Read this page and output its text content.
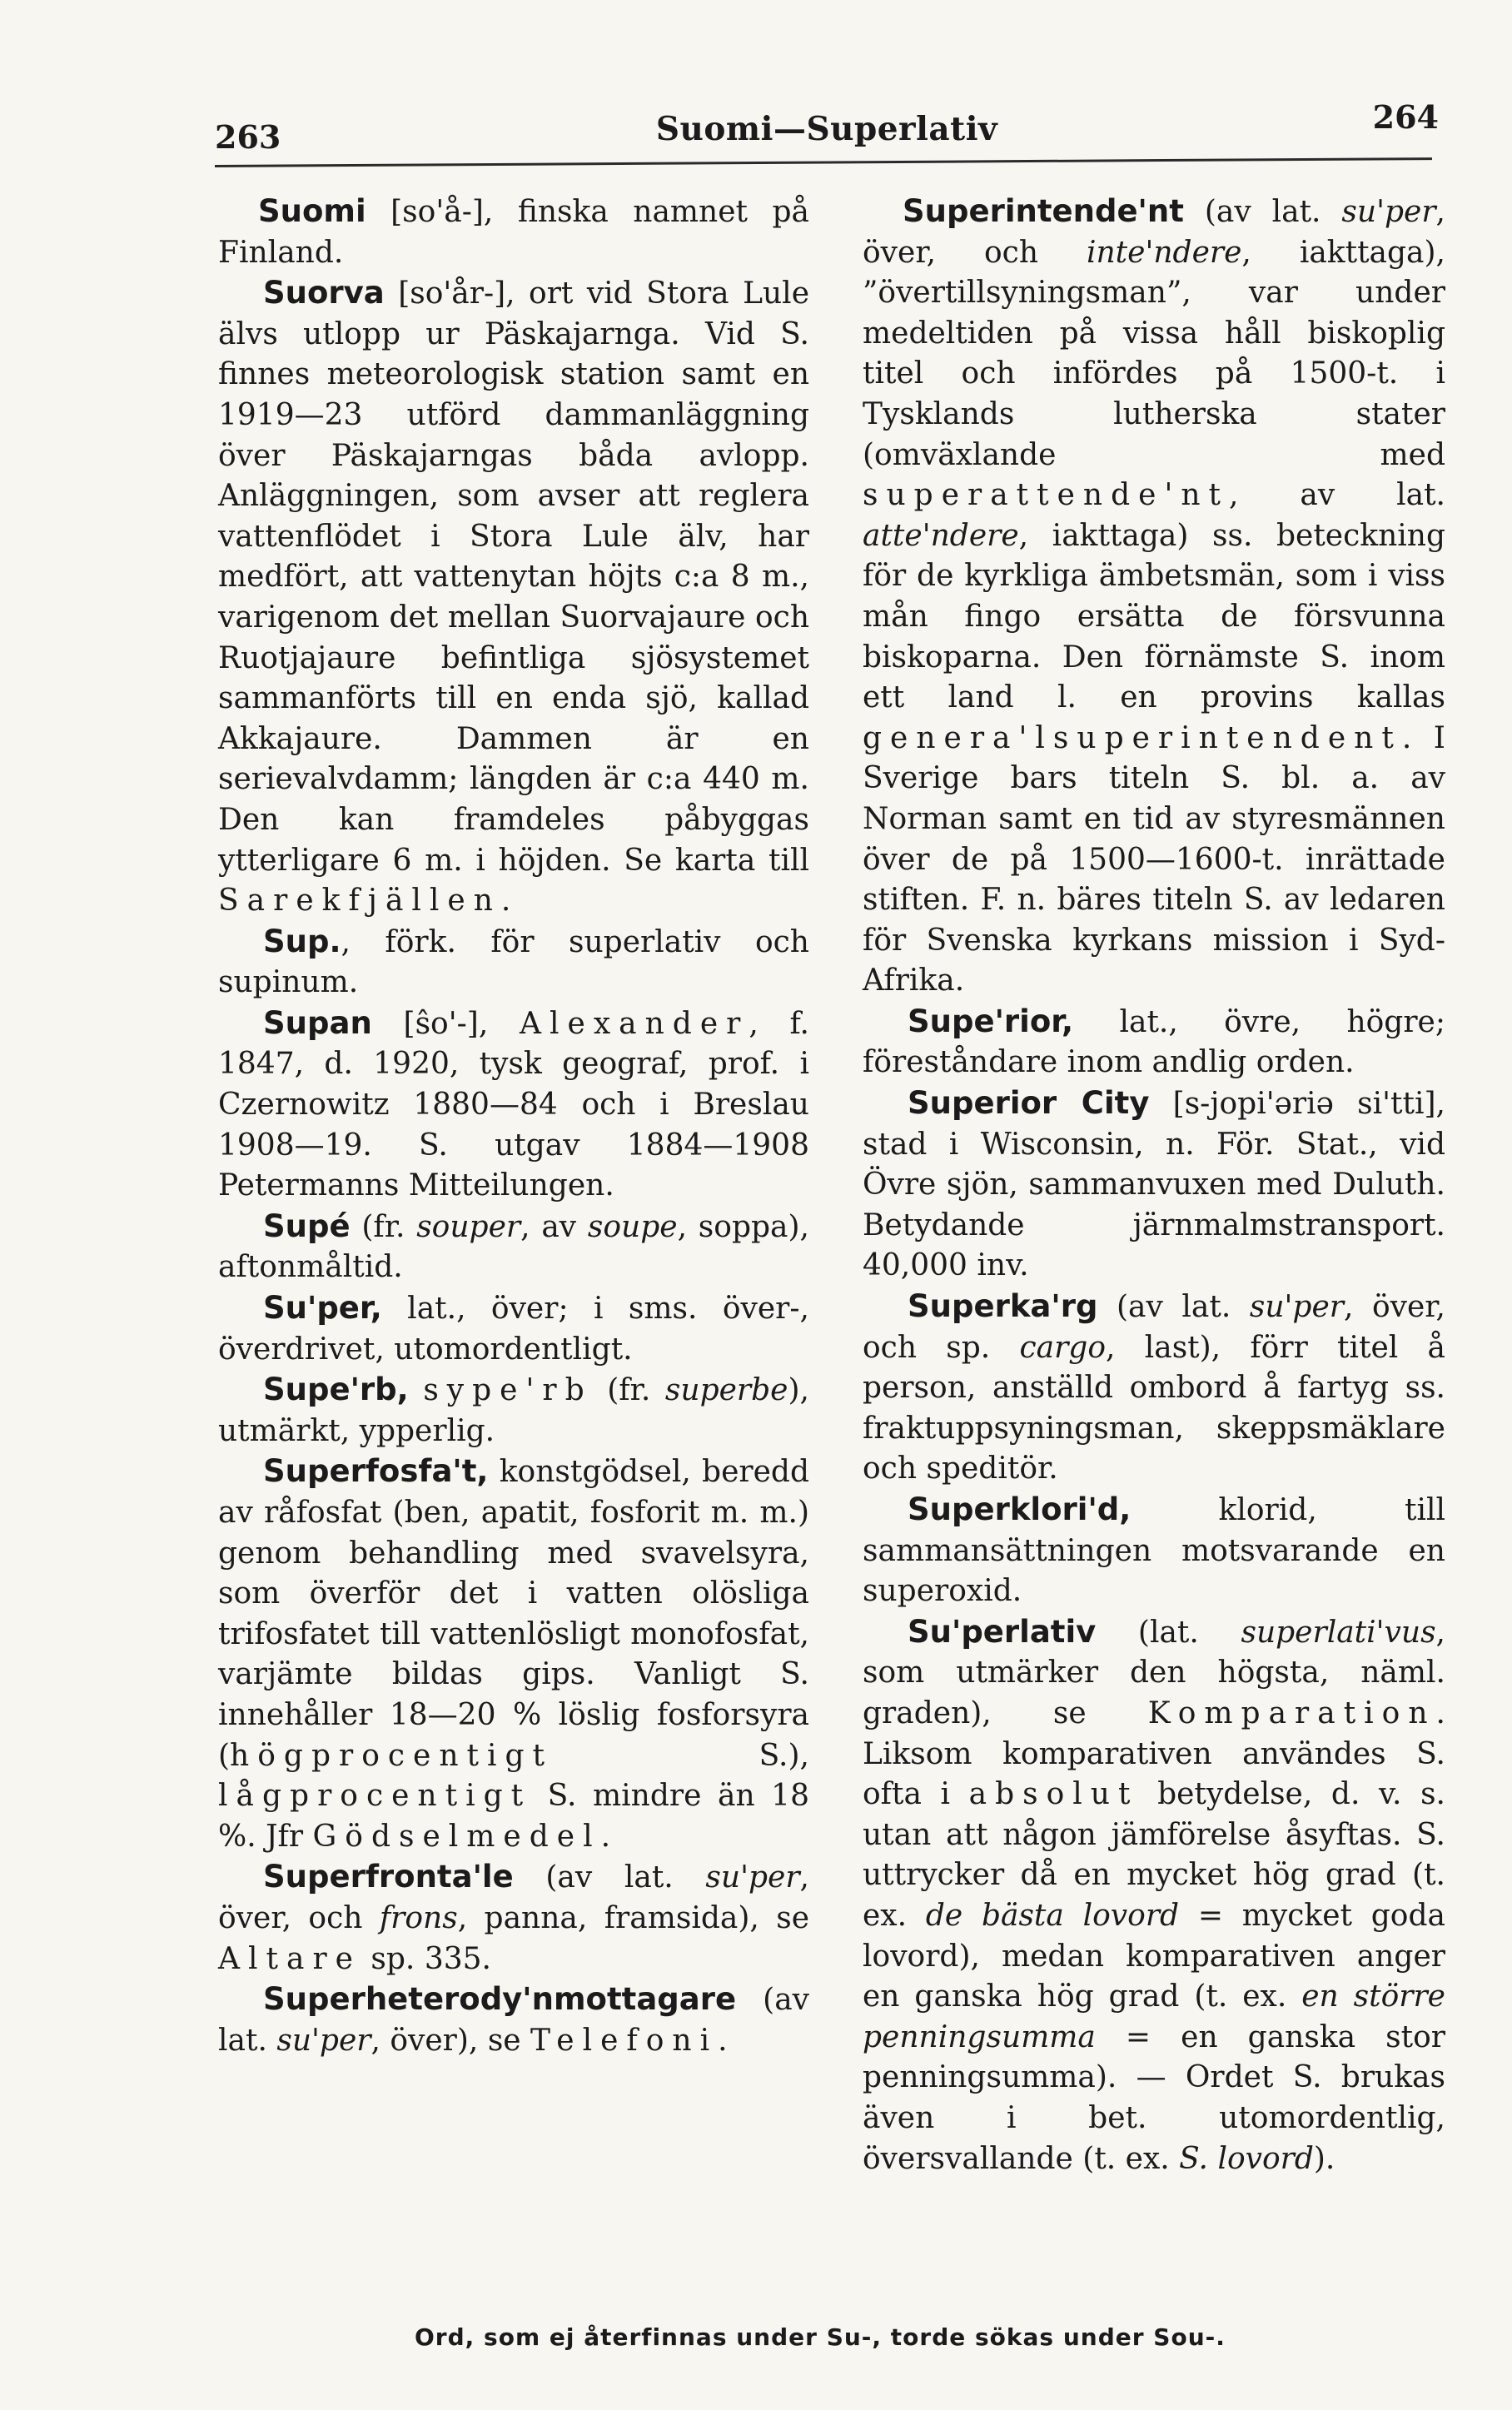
263	Suomi—Superlativ	264

Suomi [so'å-], finska namnet på Finland.

Suorva [so'år-], ort vid Stora Lule älvs utlopp ur Päskajarnga. Vid S. finnes meteorologisk station samt en 1919—23 utförd dammanläggning över Päskajarngas båda avlopp. Anläggningen, som avser att reglera vattenflödet i Stora Lule älv, har medfört, att vattenytan höjts c:a 8 m., varigenom det mellan Suorvajaure och Ruotjajaure befintliga sjösystemet sammanförts till en enda sjö, kallad Akkajaure. Dammen är en serievalvdamm; längden är c:a 440 m. Den kan framdeles påbyggas ytterligare 6 m. i höjden. Se karta till Sarekfjällen.

Sup., förk. för superlativ och supinum.

Supan [ŝo'-], Alexander, f. 1847, d. 1920, tysk geograf, prof. i Czernowitz 1880—84 och i Breslau 1908—19. S. utgav 1884—1908 Petermanns Mitteilungen.

Supé (fr. souper, av soupe, soppa), aftonmåltid.

Su'per, lat., över; i sms. över-, överdrivet, utomordentligt.

Supe'rb, sype'rb (fr. superbe), utmärkt, ypperlig.

Superfosfa't, konstgödsel, beredd av råfosfat (ben, apatit, fosforit m. m.) genom behandling med svavelsyra, som överför det i vatten olösliga trifosfatet till vattenlösligt monofosfat, varjämte bildas gips. Vanligt S. innehåller 18—20 % löslig fosforsyra (högprocentigt S.), lågprocentigt S. mindre än 18 %. Jfr Gödselmedel.

Superfronta'le (av lat. su'per, över, och frons, panna, framsida), se Altare sp. 335.

Superheterody'nmottagare (av lat. su'per, över), se Telefoni.

Superintende'nt (av lat. su'per, över, och inte'ndere, iakttaga), ”övertillsyningsman”, var under medeltiden på vissa håll biskoplig titel och infördes på 1500-t. i Tysklands lutherska stater (omväxlande med superattende'nt, av lat. atte'ndere, iakttaga) ss. beteckning för de kyrkliga ämbetsmän, som i viss mån fingo ersätta de försvunna biskoparna. Den förnämste S. inom ett land l. en provins kallas genera'lsuperintendent. I Sverige bars titeln S. bl. a. av Norman samt en tid av styresmännen över de på 1500—1600-t. inrättade stiften. F. n. bäres titeln S. av ledaren för Svenska kyrkans mission i Syd-Afrika.

Supe'rior, lat., övre, högre; föreståndare inom andlig orden.

Superior City [s-jopi'əriə si'tti], stad i Wisconsin, n. För. Stat., vid Övre sjön, sammanvuxen med Duluth. Betydande järnmalmstransport. 40,000 inv.

Superka'rg (av lat. su'per, över, och sp. cargo, last), förr titel å person, anställd ombord å fartyg ss. fraktuppsyningsman, skeppsmäklare och speditör.

Superklori'd, klorid, till sammansättningen motsvarande en superoxid.

Su'perlativ (lat. superlati'vus, som utmärker den högsta, näml. graden), se Komparation. Liksom komparativen användes S. ofta i absolut betydelse, d. v. s. utan att någon jämförelse åsyftas. S. uttrycker då en mycket hög grad (t. ex. de bästa lovord = mycket goda lovord), medan komparativen anger en ganska hög grad (t. ex. en större penningsumma = en ganska stor penningsumma). — Ordet S. brukas även i bet. utomordentlig, översvallande (t. ex. S. lovord).

Ord, som ej återfinnas under Su-, torde sökas under Sou-.
